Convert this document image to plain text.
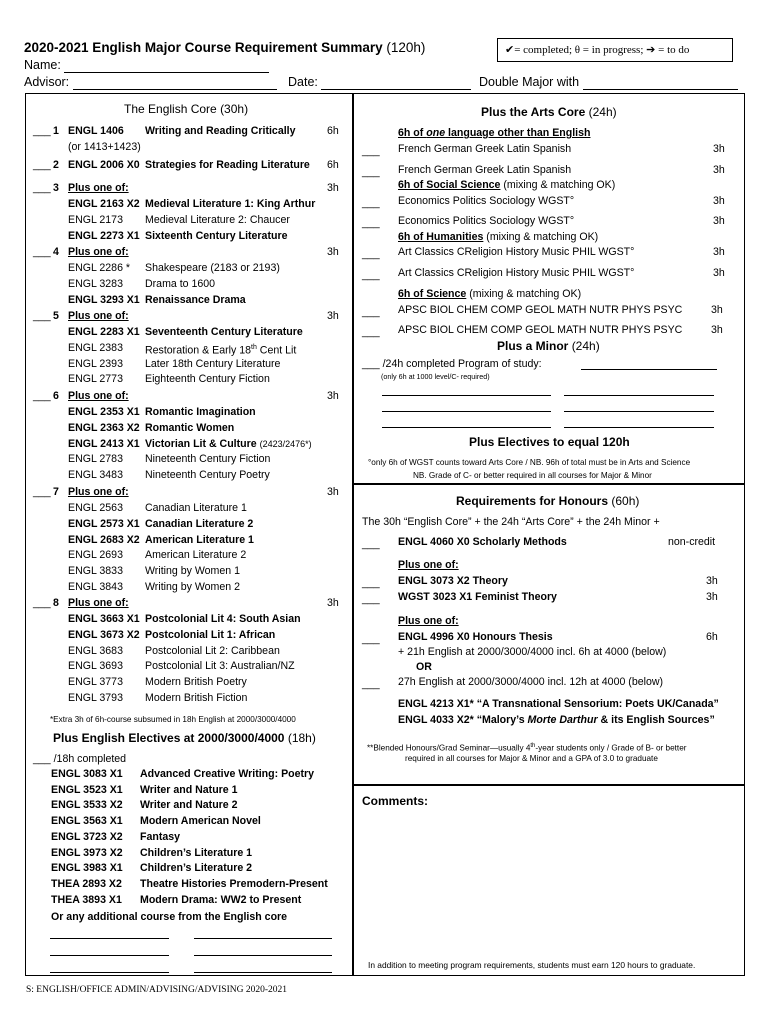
2020-2021 English Major Course Requirement Summary (120h)	✔= completed; θ = in progress; ➔ = to do
Name:
Advisor:	Date:	Double Major with
The English Core (30h)
___ 1 ENGL 1406 Writing and Reading Critically	6h
(or 1413+1423)
___ 2 ENGL 2006 X0 Strategies for Reading Literature 6h
___ 3 Plus one of:	3h
ENGL 2163 X2 Medieval Literature 1: King Arthur
ENGL 2173 Medieval Literature 2: Chaucer
ENGL 2273 X1 Sixteenth Century Literature
___ 4 Plus one of:	3h
ENGL 2286 * Shakespeare (2183 or 2193)
ENGL 3283 Drama to 1600
ENGL 3293 X1 Renaissance Drama
___ 5 Plus one of:	3h
ENGL 2283 X1 Seventeenth Century Literature
ENGL 2383 Restoration & Early 18th Cent Lit
ENGL 2393 Later 18th Century Literature
ENGL 2773 Eighteenth Century Fiction
___ 6 Plus one of:	3h
ENGL 2353 X1 Romantic Imagination
ENGL 2363 X2 Romantic Women
ENGL 2413 X1 Victorian Lit & Culture (2423/2476*)
ENGL 2783 Nineteenth Century Fiction
ENGL 3483 Nineteenth Century Poetry
___ 7 Plus one of:	3h
ENGL 2563 Canadian Literature 1
ENGL 2573 X1 Canadian Literature 2
ENGL 2683 X2 American Literature 1
ENGL 2693 American Literature 2
ENGL 3833 Writing by Women 1
ENGL 3843 Writing by Women 2
___ 8 Plus one of:	3h
ENGL 3663 X1 Postcolonial Lit 4: South Asian
ENGL 3673 X2 Postcolonial Lit 1: African
ENGL 3683 Postcolonial Lit 2: Caribbean
ENGL 3693 Postcolonial Lit 3: Australian/NZ
ENGL 3773 Modern British Poetry
ENGL 3793 Modern British Fiction
*Extra 3h of 6h-course subsumed in 18h English at 2000/3000/4000
Plus English Electives at 2000/3000/4000 (18h)
___ /18h completed
ENGL 3083 X1 Advanced Creative Writing: Poetry
ENGL 3523 X1 Writer and Nature 1
ENGL 3533 X2 Writer and Nature 2
ENGL 3563 X1 Modern American Novel
ENGL 3723 X2 Fantasy
ENGL 3973 X2 Children’s Literature 1
ENGL 3983 X1 Children’s Literature 2
THEA 2893 X2 Theatre Histories Premodern-Present
THEA 3893 X1 Modern Drama: WW2 to Present
Or any additional course from the English core
Plus the Arts Core (24h)
6h of one language other than English
___ French German Greek Latin Spanish	3h
___ French German Greek Latin Spanish	3h
___ Economics Politics Sociology WGST°	3h
___ Economics Politics Sociology WGST°	3h
___ Art Classics CReligion History Music PHIL WGST°	3h
___ Art Classics CReligion History Music PHIL WGST°	3h
___ APSC BIOL CHEM COMP GEOL MATH NUTR PHYS PSYC	3h
___ APSC BIOL CHEM COMP GEOL MATH NUTR PHYS PSYC	3h
6h of Social Science (mixing & matching OK)
6h of Humanities (mixing & matching OK)
6h of Science (mixing & matching OK)
Plus a Minor (24h)
___ /24h completed Program of study:
(only 6h at 1000 level/C- required)
Plus Electives to equal 120h
°only 6h of WGST counts toward Arts Core / NB. 96h of total must be in Arts and Science
NB. Grade of C- or better required in all courses for Major & Minor
Requirements for Honours (60h)
The 30h “English Core” + the 24h “Arts Core” + the 24h Minor +
___ ENGL 4060 X0 Scholarly Methods	non-credit
Plus one of:
___ ENGL 3073 X2 Theory	3h
___ WGST 3023 X1 Feminist Theory	3h
Plus one of:
___ ENGL 4996 X0 Honours Thesis	6h
+ 21h English at 2000/3000/4000 incl. 6h at 4000 (below)
OR
___ 27h English at 2000/3000/4000 incl. 12h at 4000 (below)
ENGL 4213 X1* “A Transnational Sensorium: Poets UK/Canada”
ENGL 4033 X2* “Malory’s Morte Darthur & its English Sources”
**Blended Honours/Grad Seminar—usually 4th-year students only / Grade of B- or better
required in all courses for Major & Minor and a GPA of 3.0 to graduate
Comments:
In addition to meeting program requirements, students must earn 120 hours to graduate.
S: ENGLISH/OFFICE ADMIN/ADVISING/ADVISING 2020-2021
